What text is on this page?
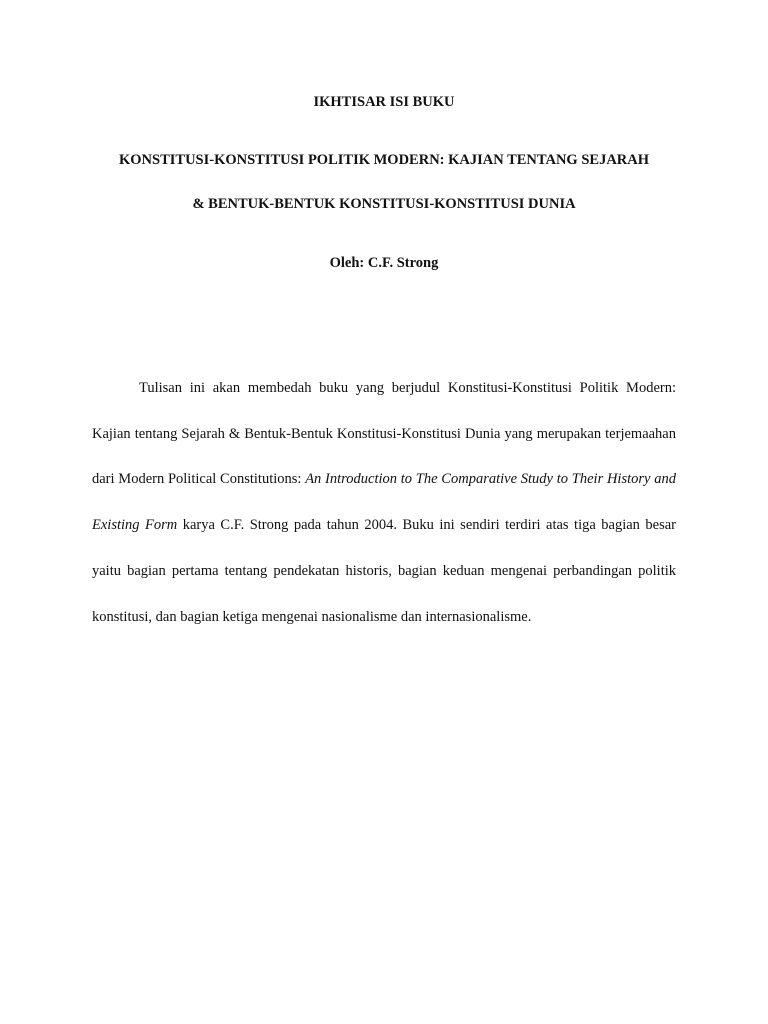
IKHTISAR ISI BUKU
KONSTITUSI-KONSTITUSI POLITIK MODERN: KAJIAN TENTANG SEJARAH
& BENTUK-BENTUK KONSTITUSI-KONSTITUSI DUNIA
Oleh: C.F. Strong

Tulisan ini akan membedah buku yang berjudul Konstitusi-Konstitusi Politik Modern: Kajian tentang Sejarah & Bentuk-Bentuk Konstitusi-Konstitusi Dunia yang merupakan terjemaahan dari Modern Political Constitutions: An Introduction to The Comparative Study to Their History and Existing Form karya C.F. Strong pada tahun 2004. Buku ini sendiri terdiri atas tiga bagian besar yaitu bagian pertama tentang pendekatan historis, bagian keduan mengenai perbandingan politik konstitusi, dan bagian ketiga mengenai nasionalisme dan internasionalisme.
